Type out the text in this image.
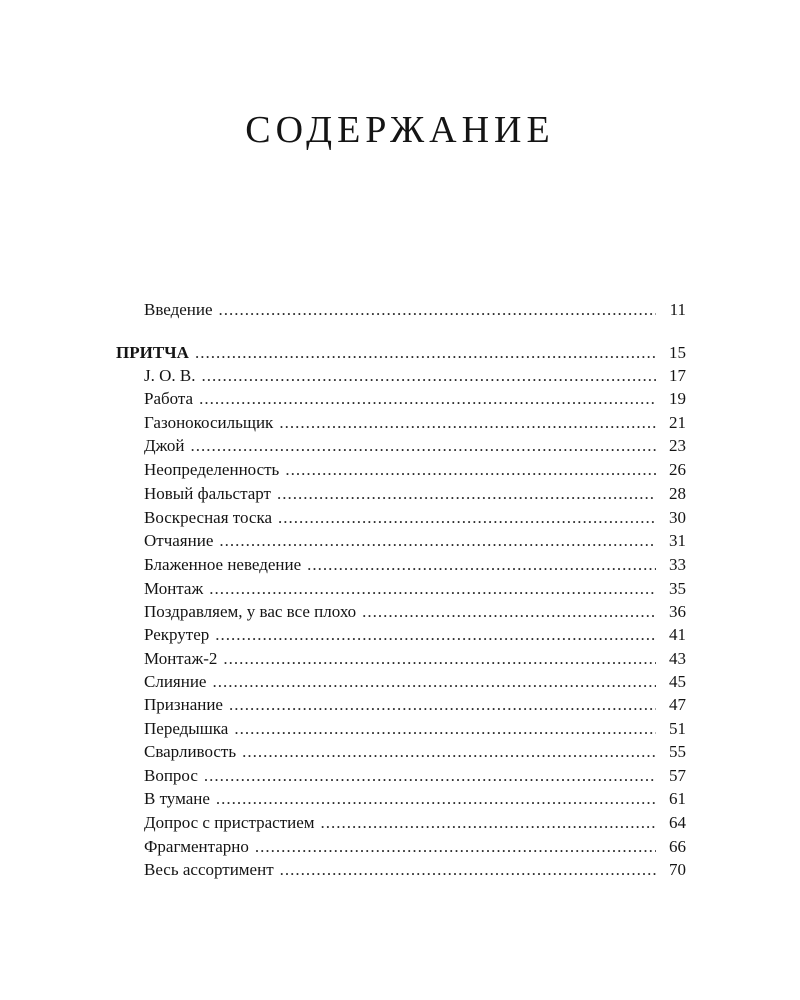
СОДЕРЖАНИЕ
Введение .....	11
ПРИТЧА .....	15
J. O. B. .....	17
Работа .....	19
Газонокосильщик .....	21
Джой .....	23
Неопределенность .....	26
Новый фальстарт .....	28
Воскресная тоска .....	30
Отчаяние .....	31
Блаженное неведение .....	33
Монтаж .....	35
Поздравляем, у вас все плохо .....	36
Рекрутер .....	41
Монтаж-2 .....	43
Слияние .....	45
Признание .....	47
Передышка .....	51
Сварливость .....	55
Вопрос .....	57
В тумане .....	61
Допрос с пристрастием .....	64
Фрагментарно .....	66
Весь ассортимент .....	70
